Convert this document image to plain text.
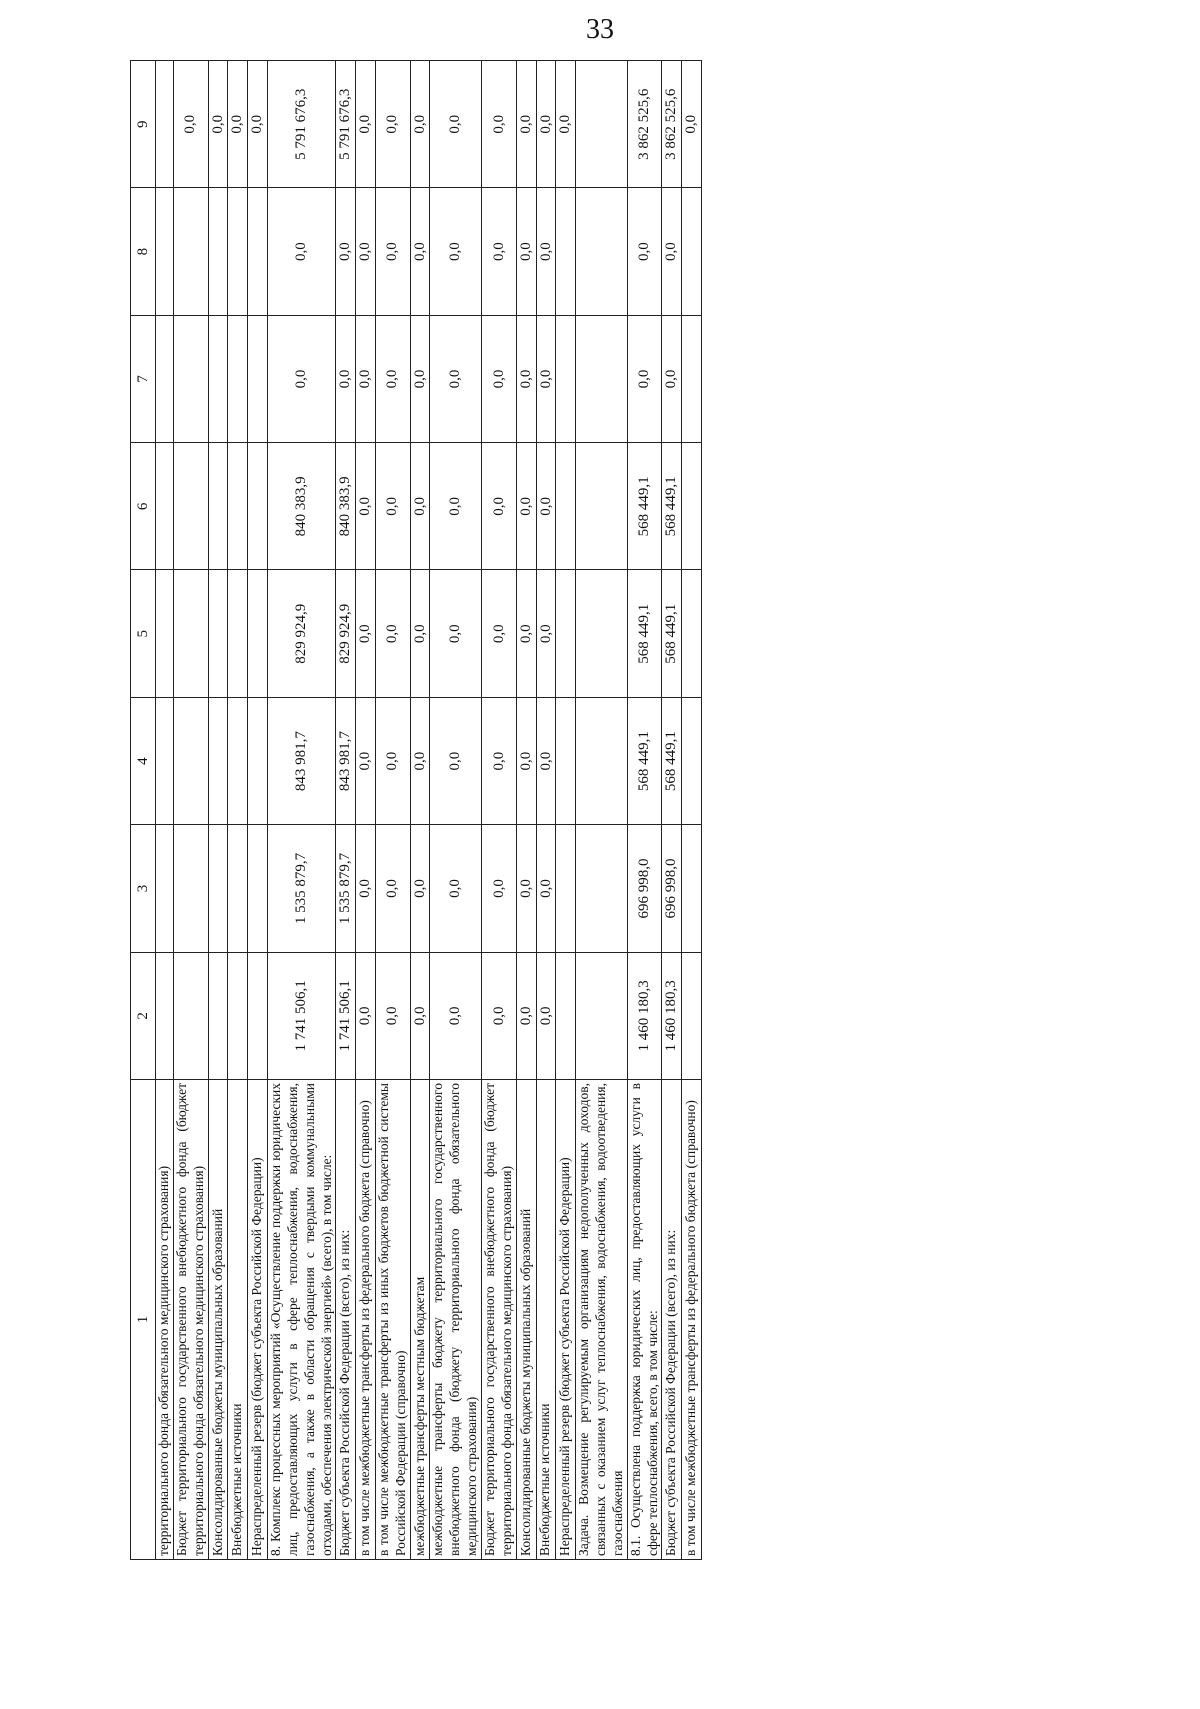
33
1	2	3	4	5	6	7	8	9
территориального фонда обязательного медицинского страхования)								
Бюджет территориального государственного внебюджетного фонда (бюджет территориального фонда обязательного медицинского страхования)								0,0
Консолидированные бюджеты муниципальных образований								0,0
Внебюджетные источники								0,0
Нераспределенный резерв (бюджет субъекта Российской Федерации)								0,0
8. Комплекс процессных мероприятий «Осуществление поддержки юридических лиц, предоставляющих услуги в сфере теплоснабжения, водоснабжения, газоснабжения, а также в области обращения с твердыми коммунальными отходами, обеспечения электрической энергией» (всего), в том числе:	1 741 506,1	1 535 879,7	843 981,7	829 924,9	840 383,9	0,0	0,0	5 791 676,3
Бюджет субъекта Российской Федерации (всего), из них:	1 741 506,1	1 535 879,7	843 981,7	829 924,9	840 383,9	0,0	0,0	5 791 676,3
в том числе межбюджетные трансферты из федерального бюджета (справочно)	0,0	0,0	0,0	0,0	0,0	0,0	0,0	0,0
в том числе межбюджетные трансферты из иных бюджетов бюджетной системы Российской Федерации (справочно)	0,0	0,0	0,0	0,0	0,0	0,0	0,0	0,0
межбюджетные трансферты местным бюджетам	0,0	0,0	0,0	0,0	0,0	0,0	0,0	0,0
межбюджетные трансферты бюджету территориального государственного внебюджетного фонда (бюджету территориального фонда обязательного медицинского страхования)	0,0	0,0	0,0	0,0	0,0	0,0	0,0	0,0
Бюджет территориального государственного внебюджетного фонда (бюджет территориального фонда обязательного медицинского страхования)	0,0	0,0	0,0	0,0	0,0	0,0	0,0	0,0
Консолидированные бюджеты муниципальных образований	0,0	0,0	0,0	0,0	0,0	0,0	0,0	0,0
Внебюджетные источники	0,0	0,0	0,0	0,0	0,0	0,0	0,0	0,0
Нераспределенный резерв (бюджет субъекта Российской Федерации)								0,0
Задача. Возмещение регулируемым организациям недополученных доходов, связанных с оказанием услуг теплоснабжения, водоснабжения, водоотведения, газоснабжения								
8.1. Осуществлена поддержка юридических лиц, предоставляющих услуги в сфере теплоснабжения, всего, в том числе:	1 460 180,3	696 998,0	568 449,1	568 449,1	568 449,1	0,0	0,0	3 862 525,6
Бюджет субъекта Российской Федерации (всего), из них:	1 460 180,3	696 998,0	568 449,1	568 449,1	568 449,1	0,0	0,0	3 862 525,6
в том числе межбюджетные трансферты из федерального бюджета (справочно)								0,0
